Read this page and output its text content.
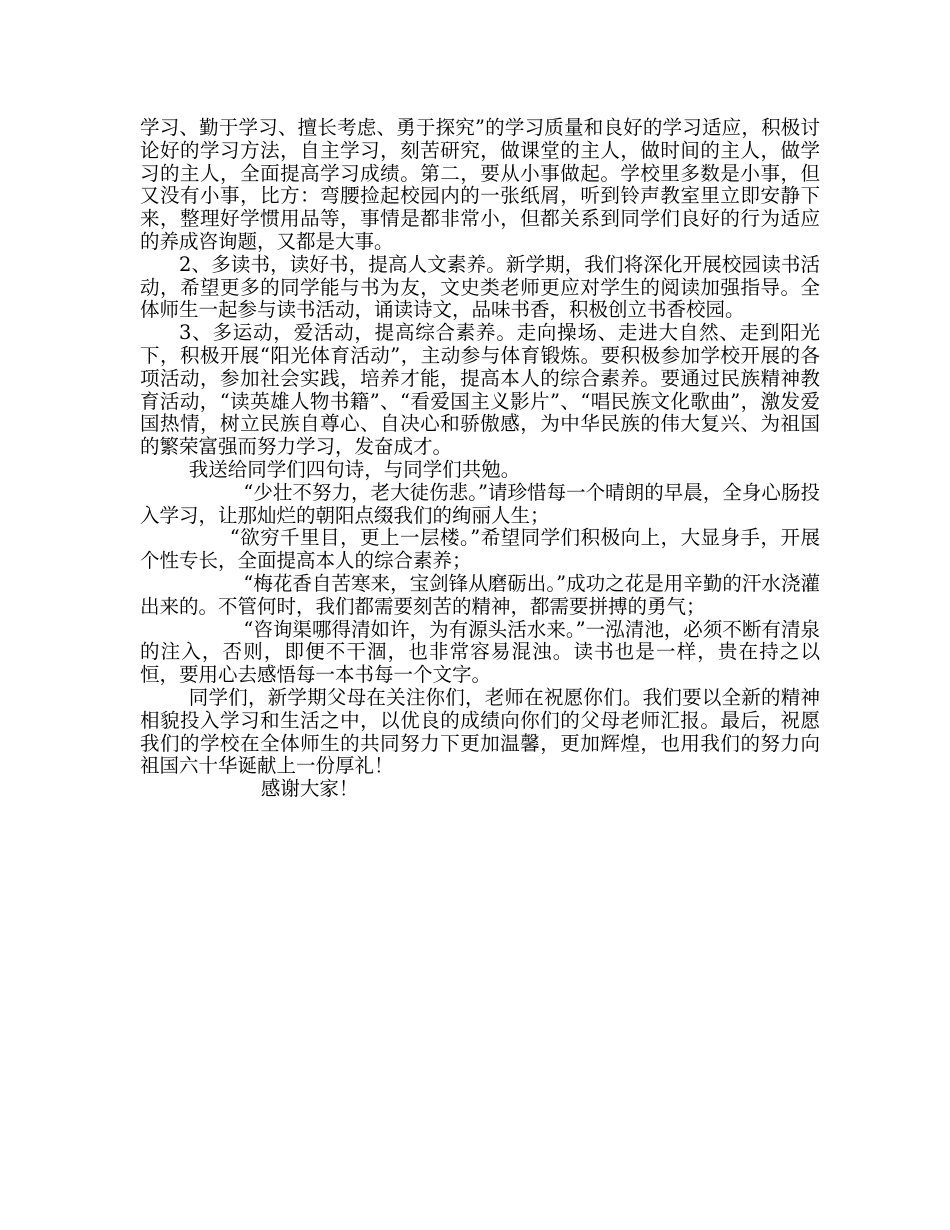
学习、勤于学习、擅长考虑、勇于探究”的学习质量和良好的学习适应，积极讨论好的学习方法，自主学习，刻苦研究，做课堂的主人，做时间的主人，做学习的主人，全面提高学习成绩。第二，要从小事做起。学校里多数是小事，但又没有小事，比方：弯腰捡起校园内的一张纸屑，听到铃声教室里立即安静下来，整理好学惯用品等，事情是都非常小，但都关系到同学们良好的行为适应的养成咨询题，又都是大事。

2、多读书，读好书，提高人文素养。新学期，我们将深化开展校园读书活动，希望更多的同学能与书为友，文史类老师更应对学生的阅读加强指导。全体师生一起参与读书活动，诵读诗文，品味书香，积极创立书香校园。

3、多运动，爱活动，提高综合素养。走向操场、走进大自然、走到阳光下，积极开展“阳光体育活动”，主动参与体育锻炼。要积极参加学校开展的各项活动，参加社会实践，培养才能，提高本人的综合素养。要通过民族精神教育活动，“读英雄人物书籍”、“看爱国主义影片”、“唱民族文化歌曲”，激发爱国热情，树立民族自尊心、自决心和骄傲感，为中华民族的伟大复兴、为祖国的繁荣富强而努力学习，发奋成才。

我送给同学们四句诗，与同学们共勉。

“少壮不努力，老大徒伤悲。”请珍惜每一个晴朗的早晨，全身心肠投入学习，让那灿烂的朝阳点缀我们的绚丽人生；

“欲穷千里目，更上一层楼。”希望同学们积极向上，大显身手，开展个性专长，全面提高本人的综合素养；

“梅花香自苦寒来，宝剑锋从磨砺出。”成功之花是用辛勤的汗水浇灌出来的。不管何时，我们都需要刻苦的精神，都需要拼搏的勇气；

“咨询渠哪得清如许，为有源头活水来。”一泓清池，必须不断有清泉的注入，否则，即便不干涸，也非常容易混浊。读书也是一样，贵在持之以恒，要用心去感悟每一本书每一个文字。

同学们，新学期父母在关注你们，老师在祝愿你们。我们要以全新的精神相貌投入学习和生活之中，以优良的成绩向你们的父母老师汇报。最后，祝愿我们的学校在全体师生的共同努力下更加温馨，更加辉煌，也用我们的努力向祖国六十华诞献上一份厚礼！

感谢大家！
